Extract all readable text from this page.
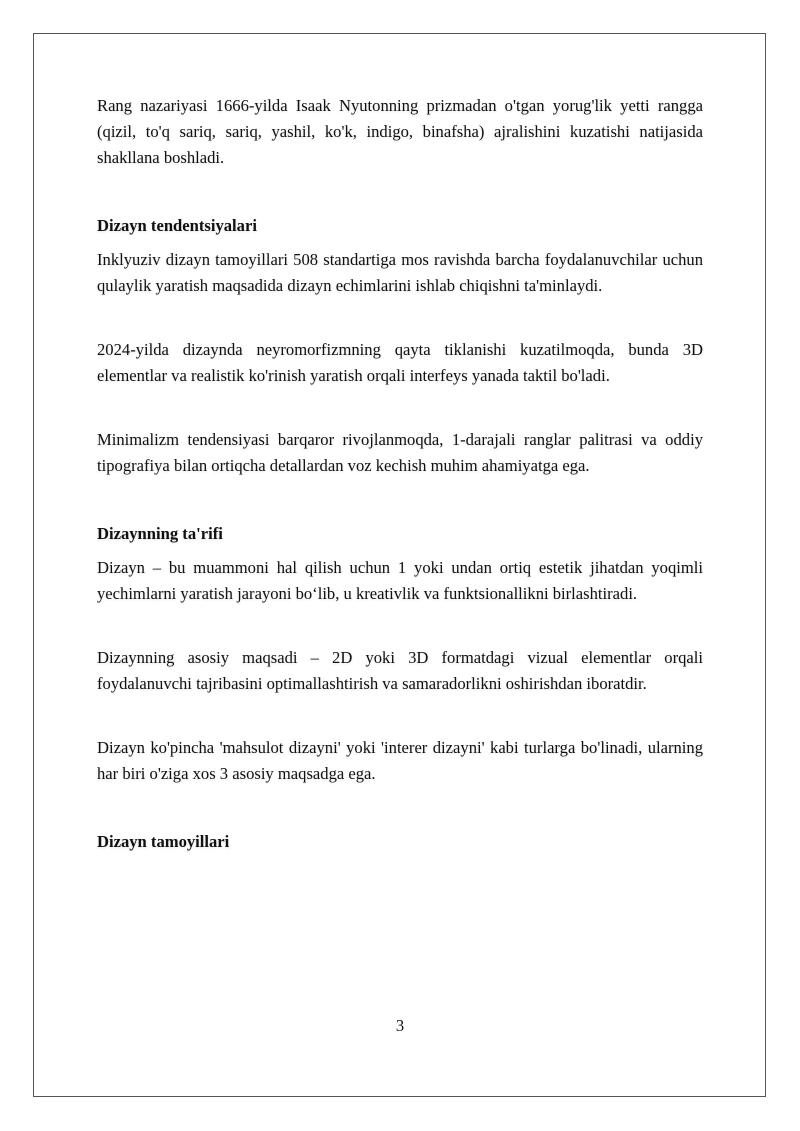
Rang nazariyasi 1666-yilda Isaak Nyutonning prizmadan o'tgan yorug'lik yetti rangga (qizil, to'q sariq, sariq, yashil, ko'k, indigo, binafsha) ajralishini kuzatishi natijasida shakllana boshladi.

Dizayn tendentsiyalari

Inklyuziv dizayn tamoyillari 508 standartiga mos ravishda barcha foydalanuvchilar uchun qulaylik yaratish maqsadida dizayn echimlarini ishlab chiqishni ta'minlaydi.

2024-yilda dizaynda neyromorfizmning qayta tiklanishi kuzatilmoqda, bunda 3D elementlar va realistik ko'rinish yaratish orqali interfeys yanada taktil bo'ladi.

Minimalizm tendensiyasi barqaror rivojlanmoqda, 1-darajali ranglar palitrasi va oddiy tipografiya bilan ortiqcha detallardan voz kechish muhim ahamiyatga ega.

Dizaynning ta'rifi

Dizayn – bu muammoni hal qilish uchun 1 yoki undan ortiq estetik jihatdan yoqimli yechimlarni yaratish jarayoni bo‘lib, u kreativlik va funktsionallikni birlashtiradi.

Dizaynning asosiy maqsadi – 2D yoki 3D formatdagi vizual elementlar orqali foydalanuvchi tajribasini optimallashtirish va samaradorlikni oshirishdan iboratdir.

Dizayn ko'pincha 'mahsulot dizayni' yoki 'interer dizayni' kabi turlarga bo'linadi, ularning har biri o'ziga xos 3 asosiy maqsadga ega.

Dizayn tamoyillari
3
